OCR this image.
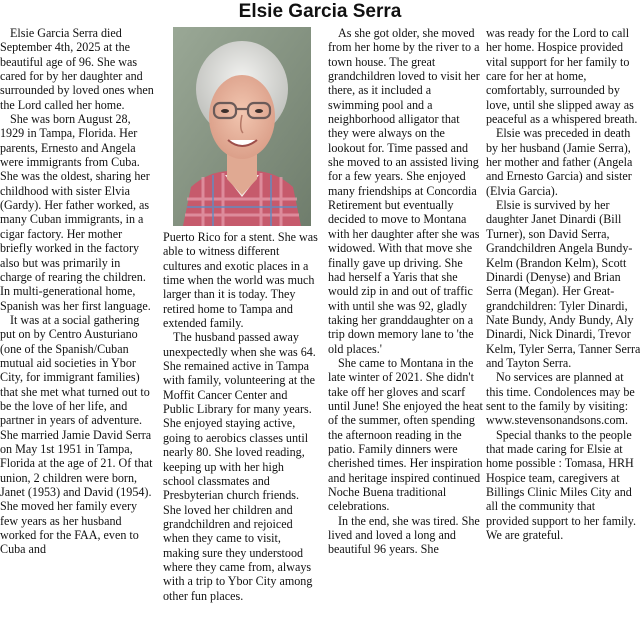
Elsie Garcia Serra

Elsie Garcia Serra died September 4th, 2025 at the beautiful age of 96. She was cared for by her daughter and surrounded by loved ones when the Lord called her home.

She was born August 28, 1929 in Tampa, Florida. Her parents, Ernesto and Angela were immigrants from Cuba. She was the oldest, sharing her childhood with sister Elvia (Gardy). Her father worked, as many Cuban immigrants, in a cigar factory. Her mother briefly worked in the factory also but was primarily in charge of rearing the children. In multi-generational home, Spanish was her first language.

It was at a social gathering put on by Centro Austuriano (one of the Spanish/Cuban mutual aid societies in Ybor City, for immigrant families) that she met what turned out to be the love of her life, and partner in years of adventure. She married Jamie David Serra on May 1st 1951 in Tampa, Florida at the age of 21. Of that union, 2 children were born, Janet (1953) and David (1954). She moved her family every few years as her husband worked for the FAA, even to Cuba and

Puerto Rico for a stent. She was able to witness different cultures and exotic places in a time when the world was much larger than it is today. They retired home to Tampa and extended family.

The husband passed away unexpectedly when she was 64. She remained active in Tampa with family, volunteering at the Moffit Cancer Center and Public Library for many years. She enjoyed staying active, going to aerobics classes until nearly 80. She loved reading, keeping up with her high school classmates and Presbyterian church friends. She loved her children and grandchildren and rejoiced when they came to visit, making sure they understood where they came from, always with a trip to Ybor City among other fun places.

As she got older, she moved from her home by the river to a town house. The great grandchildren loved to visit her there, as it included a swimming pool and a neighborhood alligator that they were always on the lookout for. Time passed and she moved to an assisted living for a few years. She enjoyed many friendships at Concordia Retirement but eventually decided to move to Montana with her daughter after she was widowed. With that move she finally gave up driving. She had herself a Yaris that she would zip in and out of traffic with until she was 92, gladly taking her granddaughter on a trip down memory lane to 'the old places.'

She came to Montana in the late winter of 2021. She didn't take off her gloves and scarf until June! She enjoyed the heat of the summer, often spending the afternoon reading in the patio. Family dinners were cherished times. Her inspiration and heritage inspired continued Noche Buena traditional celebrations.

In the end, she was tired. She lived and loved a long and beautiful 96 years. She

was ready for the Lord to call her home. Hospice provided vital support for her family to care for her at home, comfortably, surrounded by love, until she slipped away as peaceful as a whispered breath.

Elsie was preceded in death by her husband (Jamie Serra), her mother and father (Angela and Ernesto Garcia) and sister (Elvia Garcia).

Elsie is survived by her daughter Janet Dinardi (Bill Turner), son David Serra, Grandchildren Angela Bundy-Kelm (Brandon Kelm), Scott Dinardi (Denyse) and Brian Serra (Megan). Her Great-grandchildren: Tyler Dinardi, Nate Bundy, Andy Bundy, Aly Dinardi, Nick Dinardi, Trevor Kelm, Tyler Serra, Tanner Serra and Tayton Serra.

No services are planned at this time. Condolences may be sent to the family by visiting: www.stevensonandsons.com.

Special thanks to the people that made caring for Elsie at home possible : Tomasa, HRH Hospice team, caregivers at Billings Clinic Miles City and all the community that provided support to her family. We are grateful.
